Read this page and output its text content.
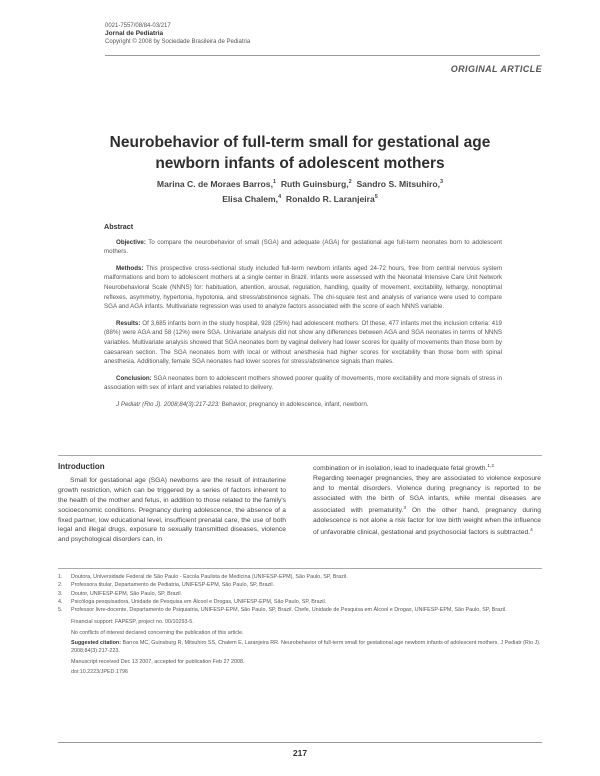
0021-7557/08/84-03/217
Jornal de Pediatria
Copyright © 2008 by Sociedade Brasileira de Pediatria
ORIGINAL ARTICLE
Neurobehavior of full-term small for gestational age newborn infants of adolescent mothers
Marina C. de Moraes Barros,$^1$ Ruth Guinsburg,$^2$ Sandro S. Mitsuhiro,$^3$
Elisa Chalem,$^4$ Ronaldo R. Laranjeira$^5$
Abstract

Objective: To compare the neurobehavior of small (SGA) and adequate (AGA) for gestational age full-term neonates born to adolescent mothers.

Methods: This prospective cross-sectional study included full-term newborn infants aged 24-72 hours, free from central nervous system malformations and born to adolescent mothers at a single center in Brazil. Infants were assessed with the Neonatal Intensive Care Unit Network Neurobehavioral Scale (NNNS) for: habituation, attention, arousal, regulation, handling, quality of movement, excitability, lethargy, nonoptimal reflexes, asymmetry, hypertonia, hypotonia, and stress/abstinence signals. The chi-square test and analysis of variance were used to compare SGA and AGA infants. Multivariate regression was used to analyze factors associated with the score of each NNNS variable.

Results: Of 3,685 infants born in the study hospital, 928 (25%) had adolescent mothers. Of these, 477 infants met the inclusion criteria: 419 (88%) were AGA and 58 (12%) were SGA. Univariate analysis did not show any differences between AGA and SGA neonates in terms of NNNS variables. Multivariate analysis showed that SGA neonates born by vaginal delivery had lower scores for quality of movements than those born by caesarean section. The SGA neonates born with local or without anesthesia had higher scores for excitability than those born with spinal anesthesia. Additionally, female SGA neonates had lower scores for stress/abstinence signals than males.

Conclusion: SGA neonates born to adolescent mothers showed poorer quality of movements, more excitability and more signals of stress in association with sex of infant and variables related to delivery.

J Pediatr (Rio J). 2008;84(3):217-223: Behavior, pregnancy in adolescence, infant, newborn.

Introduction

Small for gestational age (SGA) newborns are the result of intrauterine growth restriction, which can be triggered by a series of factors inherent to the health of the mother and fetus, in addition to those related to the family's socioeconomic conditions. Pregnancy during adolescence, the absence of a fixed partner, low educational level, insufficient prenatal care, the use of both legal and illegal drugs, exposure to sexually transmitted diseases, violence and psychological disorders can, in

combination or in isolation, lead to inadequate fetal growth.$^{1,2}$
Regarding teenager pregnancies, they are associated to violence exposure and to mental disorders. Violence during pregnancy is reported to be associated with the birth of SGA infants, while mental diseases are associated with prematurity.$^3$ On the other hand, pregnancy during adolescence is not alone a risk factor for low birth weight when the influence of unfavorable clinical, gestational and psychosocial factors is subtracted.$^4$
1.	Doutora, Universidade Federal de São Paulo - Escola Paulista de Medicina (UNIFESP-EPM), São Paulo, SP, Brazil.
2.	Professora titular, Departamento de Pediatria, UNIFESP-EPM, São Paulo, SP, Brazil.
3.	Doutor, UNIFESP-EPM, São Paulo, SP, Brazil.
4.	Psicóloga pesquisadora, Unidade de Pesquisa em Álcool e Drogas, UNIFESP-EPM, São Paulo, SP, Brazil.
5.	Professor livre-docente, Departamento de Psiquiatria, UNIFESP-EPM, São Paulo, SP, Brazil. Chefe, Unidade de Pesquisa em Álcool e Drogas, UNIFESP-EPM, São Paulo, SP, Brazil.

Financial support: FAPESP, project no. 00/10293-5.

No conflicts of interest declared concerning the publication of this article.

Suggested citation: Barros MC, Guinsburg R, Mitsuhiro SS, Chalem E, Laranjeira RR. Neurobehavior of full-term small for gestational age newborn infants of adolescent mothers. J Pediatr (Rio J). 2008;84(3):217-223.

Manuscript received Dec 13 2007, accepted for publication Feb 27 2008.

doi:10.2223/JPED.1796

217
